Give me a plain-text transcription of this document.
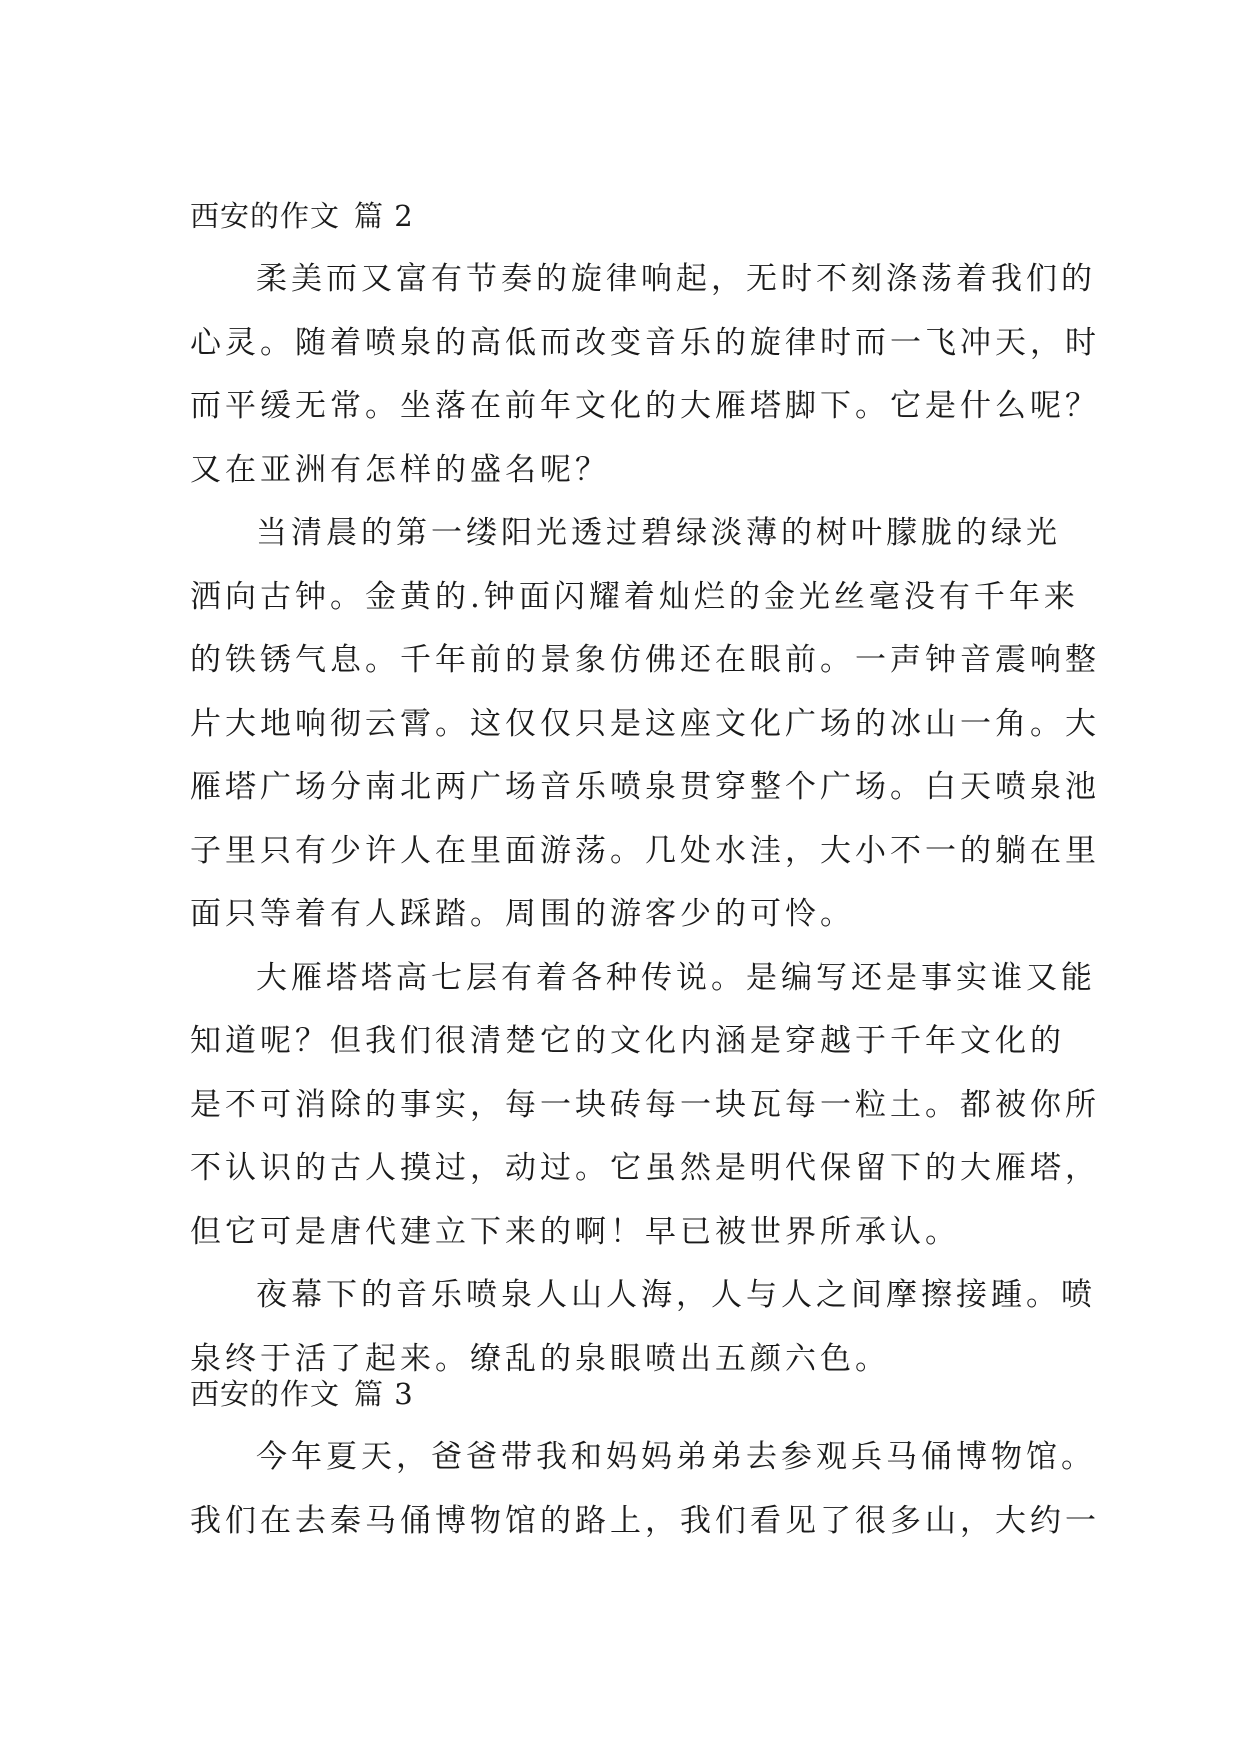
西安的作文 篇 2

柔美而又富有节奏的旋律响起，无时不刻涤荡着我们的
心灵。随着喷泉的高低而改变音乐的旋律时而一飞冲天，时
而平缓无常。坐落在前年文化的大雁塔脚下。它是什么呢？
又在亚洲有怎样的盛名呢？

当清晨的第一缕阳光透过碧绿淡薄的树叶朦胧的绿光
洒向古钟。金黄的.钟面闪耀着灿烂的金光丝毫没有千年来
的铁锈气息。千年前的景象仿佛还在眼前。一声钟音震响整
片大地响彻云霄。这仅仅只是这座文化广场的冰山一角。大
雁塔广场分南北两广场音乐喷泉贯穿整个广场。白天喷泉池
子里只有少许人在里面游荡。几处水洼，大小不一的躺在里
面只等着有人踩踏。周围的游客少的可怜。

大雁塔塔高七层有着各种传说。是编写还是事实谁又能
知道呢？但我们很清楚它的文化内涵是穿越于千年文化的
是不可消除的事实，每一块砖每一块瓦每一粒土。都被你所
不认识的古人摸过，动过。它虽然是明代保留下的大雁塔，
但它可是唐代建立下来的啊！早已被世界所承认。

夜幕下的音乐喷泉人山人海，人与人之间摩擦接踵。喷
泉终于活了起来。缭乱的泉眼喷出五颜六色。

西安的作文 篇 3

今年夏天，爸爸带我和妈妈弟弟去参观兵马俑博物馆。
我们在去秦马俑博物馆的路上，我们看见了很多山，大约一
